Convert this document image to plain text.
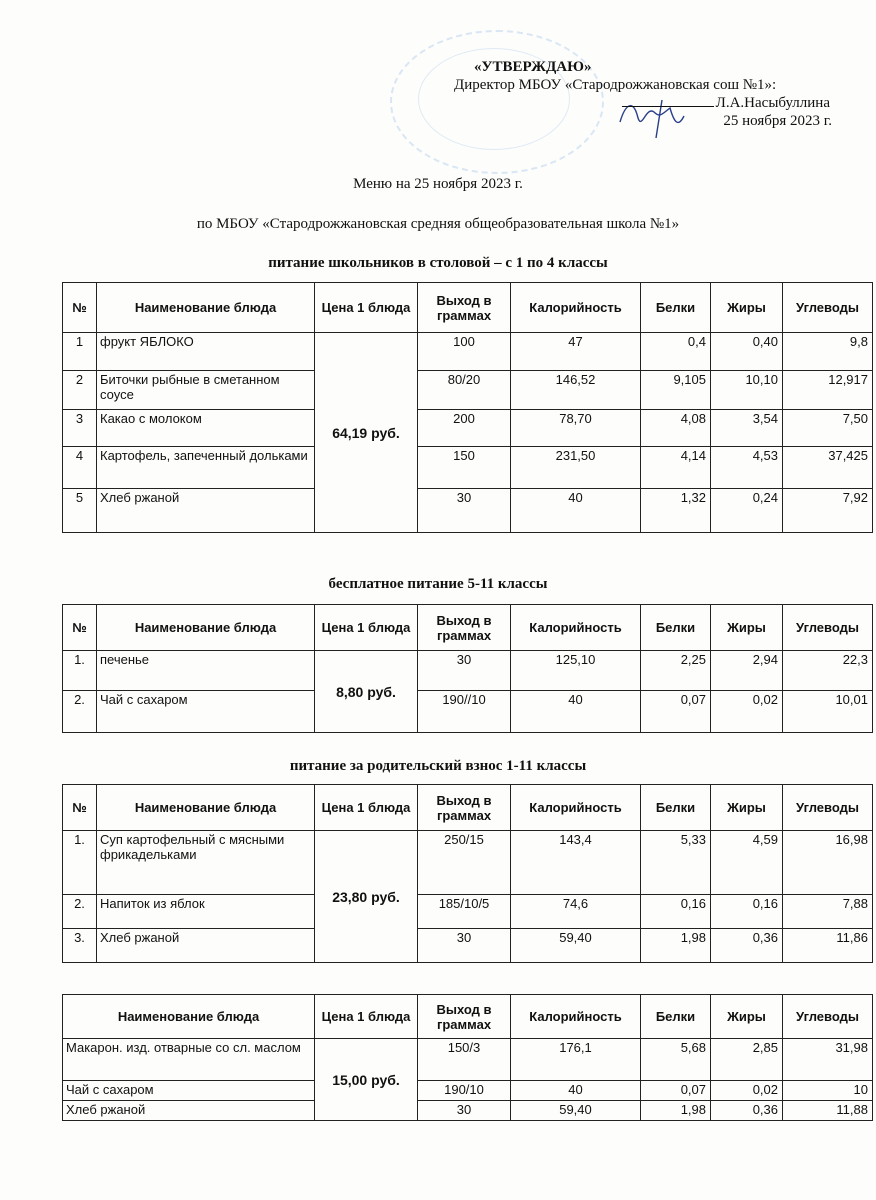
«УТВЕРЖДАЮ»
Директор МБОУ «Стародрожжановская сош №1»:
Л.А.Насыбуллина
25 ноября 2023 г.
Меню на 25 ноября 2023 г.
по МБОУ «Стародрожжановская средняя общеобразовательная школа №1»
питание школьников в столовой – с 1 по 4 классы
№	Наименование блюда	Цена 1 блюда	Выход в граммах	Калорийность	Белки	Жиры	Углеводы
1	фрукт ЯБЛОКО	64,19 руб.	100	47	0,4	0,40	9,8
2	Биточки рыбные в сметанном соусе		80/20	146,52	9,105	10,10	12,917
3	Какао с молоком		200	78,70	4,08	3,54	7,50
4	Картофель, запеченный дольками		150	231,50	4,14	4,53	37,425
5	Хлеб ржаной		30	40	1,32	0,24	7,92
бесплатное питание 5-11 классы
№	Наименование блюда	Цена 1 блюда	Выход в граммах	Калорийность	Белки	Жиры	Углеводы
1.	печенье	8,80 руб.	30	125,10	2,25	2,94	22,3
2.	Чай с сахаром		190//10	40	0,07	0,02	10,01
питание за родительский взнос 1-11 классы
№	Наименование блюда	Цена 1 блюда	Выход в граммах	Калорийность	Белки	Жиры	Углеводы
1.	Суп картофельный с мясными фрикадельками	23,80 руб.	250/15	143,4	5,33	4,59	16,98
2.	Напиток из яблок		185/10/5	74,6	0,16	0,16	7,88
3.	Хлеб ржаной		30	59,40	1,98	0,36	11,86
Наименование блюда	Цена 1 блюда	Выход в граммах	Калорийность	Белки	Жиры	Углеводы
Макарон. изд. отварные со сл. маслом	15,00 руб.	150/3	176,1	5,68	2,85	31,98
Чай с сахаром		190/10	40	0,07	0,02	10
Хлеб ржаной		30	59,40	1,98	0,36	11,88
